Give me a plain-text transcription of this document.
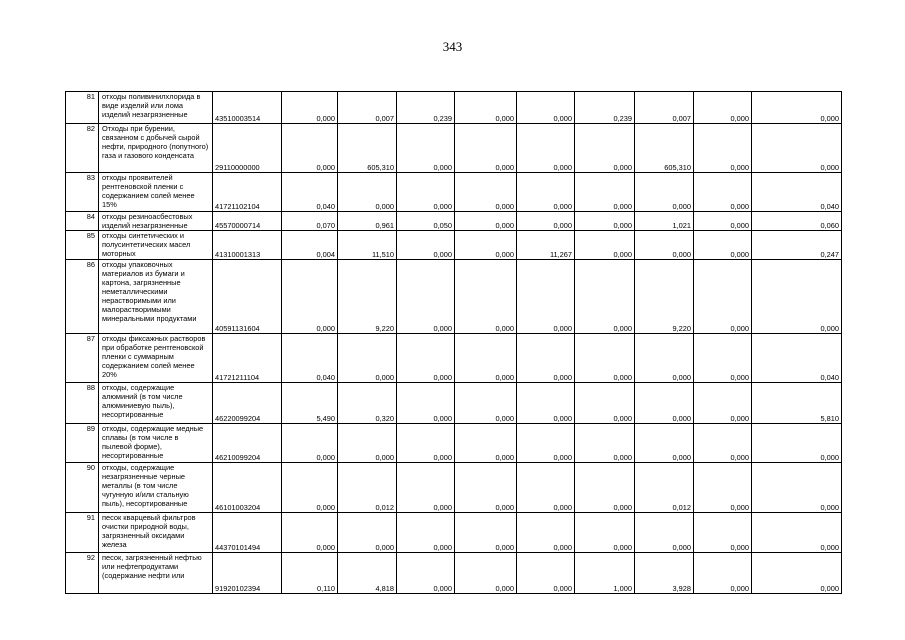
343
81	отходы поливинилхлорида в виде изделий или лома изделий незагрязненные	43510003514	0,000	0,007	0,239	0,000	0,000	0,239	0,007	0,000	0,000
82	Отходы при бурении, связанном с добычей сырой нефти, природного (попутного) газа и газового конденсата	29110000000	0,000	605,310	0,000	0,000	0,000	0,000	605,310	0,000	0,000
83	отходы проявителей рентгеновской пленки с содержанием солей менее 15%	41721102104	0,040	0,000	0,000	0,000	0,000	0,000	0,000	0,000	0,040
84	отходы резиноасбестовых изделий незагрязненные	45570000714	0,070	0,961	0,050	0,000	0,000	0,000	1,021	0,000	0,060
85	отходы синтетических и полусинтетических масел моторных	41310001313	0,004	11,510	0,000	0,000	11,267	0,000	0,000	0,000	0,247
86	отходы упаковочных материалов из бумаги и картона, загрязненные неметаллическими нерастворимыми или малорастворимыми минеральными продуктами	40591131604	0,000	9,220	0,000	0,000	0,000	0,000	9,220	0,000	0,000
87	отходы фиксажных растворов при обработке рентгеновской пленки с суммарным содержанием солей менее 20%	41721211104	0,040	0,000	0,000	0,000	0,000	0,000	0,000	0,000	0,040
88	отходы, содержащие алюминий (в том числе алюминиевую пыль), несортированные	46220099204	5,490	0,320	0,000	0,000	0,000	0,000	0,000	0,000	5,810
89	отходы, содержащие медные сплавы (в том числе в пылевой форме), несортированные	46210099204	0,000	0,000	0,000	0,000	0,000	0,000	0,000	0,000	0,000
90	отходы, содержащие незагрязненные черные металлы (в том числе чугунную и/или стальную пыль), несортированные	46101003204	0,000	0,012	0,000	0,000	0,000	0,000	0,012	0,000	0,000
91	песок кварцевый фильтров очистки природной воды, загрязненный оксидами железа	44370101494	0,000	0,000	0,000	0,000	0,000	0,000	0,000	0,000	0,000
92	песок, загрязненный нефтью или нефтепродуктами (содержание нефти или	91920102394	0,110	4,818	0,000	0,000	0,000	1,000	3,928	0,000	0,000
